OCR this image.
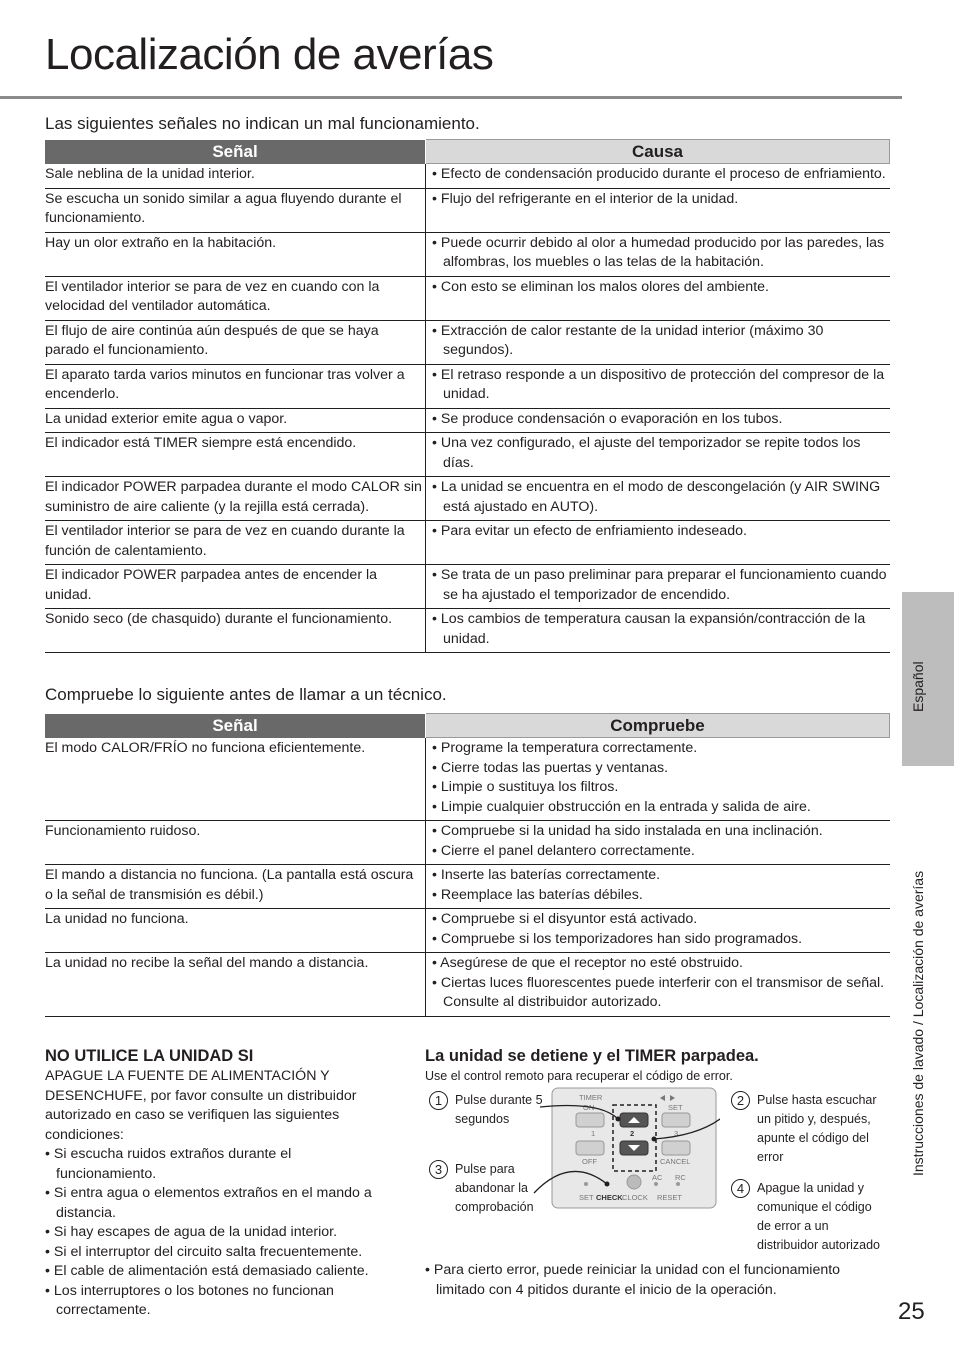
Localización de averías
Las siguientes señales no indican un mal funcionamiento.
Señal	Causa
Sale neblina de la unidad interior.	• Efecto de condensación producido durante el proceso de enfriamiento.

Se escucha un sonido similar a agua fluyendo durante el funcionamiento.	• Flujo del refrigerante en el interior de la unidad.

Hay un olor extraño en la habitación.	• Puede ocurrir debido al olor a humedad producido por las paredes, las alfombras, los muebles o las telas de la habitación.

El ventilador interior se para de vez en cuando con la velocidad del ventilador automática.	• Con esto se eliminan los malos olores del ambiente.

El flujo de aire continúa aún después de que se haya parado el funcionamiento.	• Extracción de calor restante de la unidad interior (máximo 30 segundos).

El aparato tarda varios minutos en funcionar tras volver a encenderlo.	• El retraso responde a un dispositivo de protección del compresor de la unidad.

La unidad exterior emite agua o vapor.	• Se produce condensación o evaporación en los tubos.

El indicador está TIMER siempre está encendido.	• Una vez configurado, el ajuste del temporizador se repite todos los días.

El indicador POWER parpadea durante el modo CALOR sin suministro de aire caliente (y la rejilla está cerrada).	• La unidad se encuentra en el modo de descongelación (y AIR SWING está ajustado en AUTO).

El ventilador interior se para de vez en cuando durante la función de calentamiento.	• Para evitar un efecto de enfriamiento indeseado.

El indicador POWER parpadea antes de encender la unidad.	• Se trata de un paso preliminar para preparar el funcionamiento cuando se ha ajustado el temporizador de encendido.

Sonido seco (de chasquido) durante el funcionamiento.	• Los cambios de temperatura causan la expansión/contracción de la unidad.
Compruebe lo siguiente antes de llamar a un técnico.
Señal	Compruebe
El modo CALOR/FRÍO no funciona eficientemente.	• Programe la temperatura correctamente.
• Cierre todas las puertas y ventanas.
• Limpie o sustituya los filtros.
• Limpie cualquier obstrucción en la entrada y salida de aire.

Funcionamiento ruidoso.	• Compruebe si la unidad ha sido instalada en una inclinación.
• Cierre el panel delantero correctamente.

El mando a distancia no funciona. (La pantalla está oscura o la señal de transmisión es débil.)	• Inserte las baterías correctamente.
• Reemplace las baterías débiles.

La unidad no funciona.	• Compruebe si el disyuntor está activado.
• Compruebe si los temporizadores han sido programados.

La unidad no recibe la señal del mando a distancia.	• Asegúrese de que el receptor no esté obstruido.
• Ciertas luces fluorescentes puede interferir con el transmisor de señal. Consulte al distribuidor autorizado.
NO UTILICE LA UNIDAD SI
APAGUE LA FUENTE DE ALIMENTACIÓN Y DESENCHUFE, por favor consulte un distribuidor autorizado en caso se verifiquen las siguientes condiciones:
• Si escucha ruidos extraños durante el funcionamiento.
• Si entra agua o elementos extraños en el mando a distancia.
• Si hay escapes de agua de la unidad interior.
• Si el interruptor del circuito salta frecuentemente.
• El cable de alimentación está demasiado caliente.
• Los interruptores o los botones no funcionan correctamente.
La unidad se detiene y el TIMER parpadea.
Use el control remoto para recuperar el código de error.
1	Pulse durante 5 segundos
3	Pulse para abandonar la comprobación
2	Pulse hasta escuchar un pitido y, después, apunte el código del error
4	Apague la unidad y comunique el código de error a un distribuidor autorizado
TIMER
ON	SET
1	2	3
OFF	CANCEL
AC RC
SET CHECK CLOCK RESET
• Para cierto error, puede reiniciar la unidad con el funcionamiento limitado con 4 pitidos durante el inicio de la operación.
Español
Instrucciones de lavado / Localización de averías
25
